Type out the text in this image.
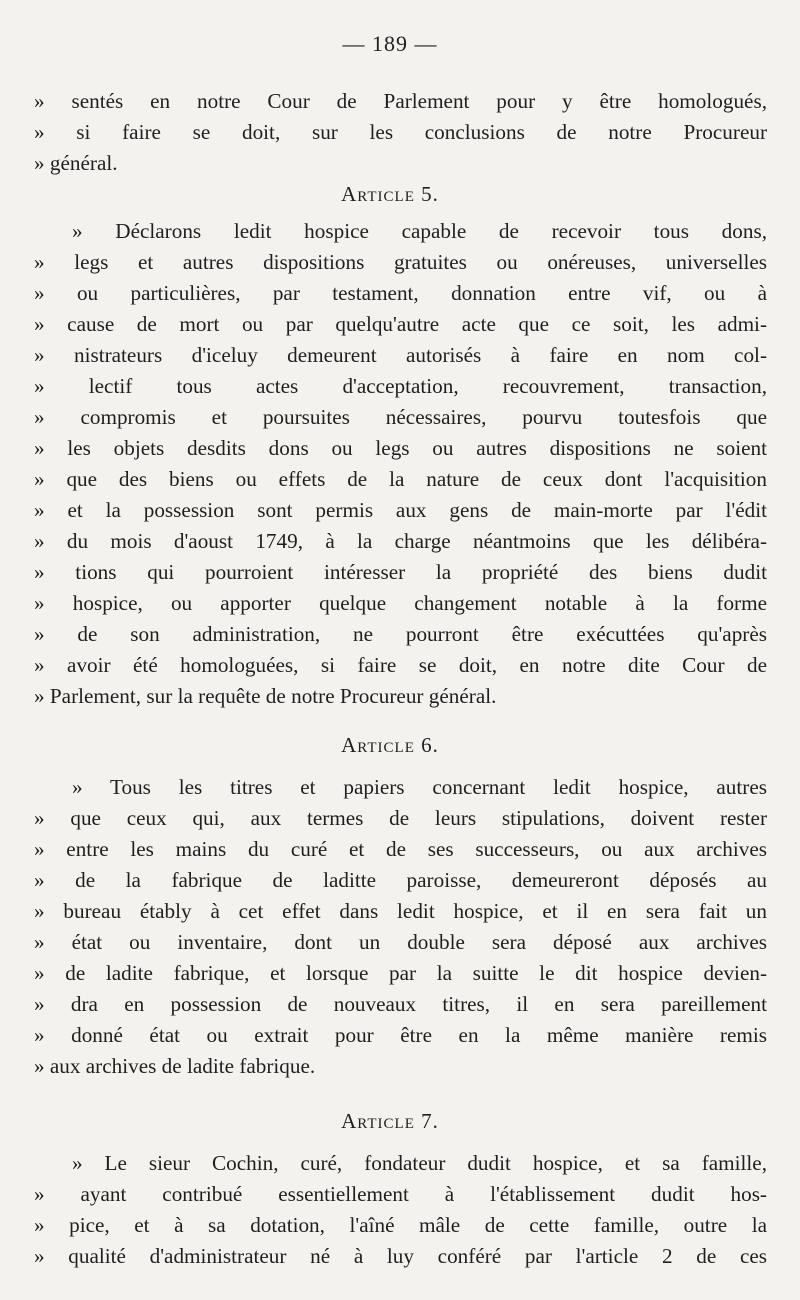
— 189 —
» sentés en notre Cour de Parlement pour y être homologués,
» si faire se doit, sur les conclusions de notre Procureur
» général.
Article 5.
» Déclarons ledit hospice capable de recevoir tous dons,
» legs et autres dispositions gratuites ou onéreuses, universelles
» ou particulières, par testament, donnation entre vif, ou à
» cause de mort ou par quelqu'autre acte que ce soit, les admi-
» nistrateurs d'iceluy demeurent autorisés à faire en nom col-
» lectif tous actes d'acceptation, recouvrement, transaction,
» compromis et poursuites nécessaires, pourvu toutesfois que
» les objets desdits dons ou legs ou autres dispositions ne soient
» que des biens ou effets de la nature de ceux dont l'acquisition
» et la possession sont permis aux gens de main-morte par l'édit
» du mois d'aoust 1749, à la charge néantmoins que les délibéra-
» tions qui pourroient intéresser la propriété des biens dudit
» hospice, ou apporter quelque changement notable à la forme
» de son administration, ne pourront être exécuttées qu'après
» avoir été homologuées, si faire se doit, en notre dite Cour de
» Parlement, sur la requête de notre Procureur général.
Article 6.
» Tous les titres et papiers concernant ledit hospice, autres
» que ceux qui, aux termes de leurs stipulations, doivent rester
» entre les mains du curé et de ses successeurs, ou aux archives
» de la fabrique de laditte paroisse, demeureront déposés au
» bureau étably à cet effet dans ledit hospice, et il en sera fait un
» état ou inventaire, dont un double sera déposé aux archives
» de ladite fabrique, et lorsque par la suitte le dit hospice devien-
» dra en possession de nouveaux titres, il en sera pareillement
» donné état ou extrait pour être en la même manière remis
» aux archives de ladite fabrique.
Article 7.
» Le sieur Cochin, curé, fondateur dudit hospice, et sa famille,
» ayant contribué essentiellement à l'établissement dudit hos-
» pice, et à sa dotation, l'aîné mâle de cette famille, outre la
» qualité d'administrateur né à luy conféré par l'article 2 de ces
